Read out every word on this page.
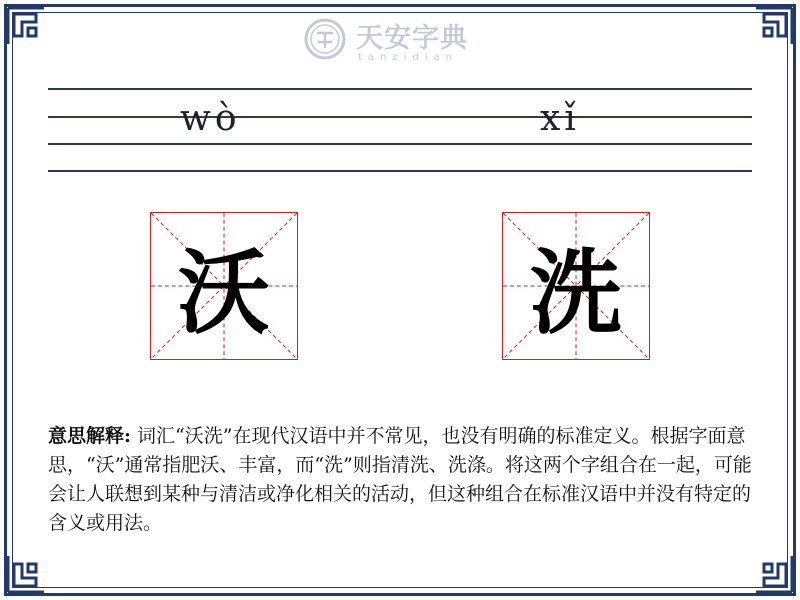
天安字典
tanzidian
wò	xǐ
沃	洗
意思解释: 词汇“沃洗”在现代汉语中并不常见，也没有明确的标准定义。根据字面意思，“沃”通常指肥沃、丰富，而“洗”则指清洗、洗涤。将这两个字组合在一起，可能会让人联想到某种与清洁或净化相关的活动，但这种组合在标准汉语中并没有特定的含义或用法。
